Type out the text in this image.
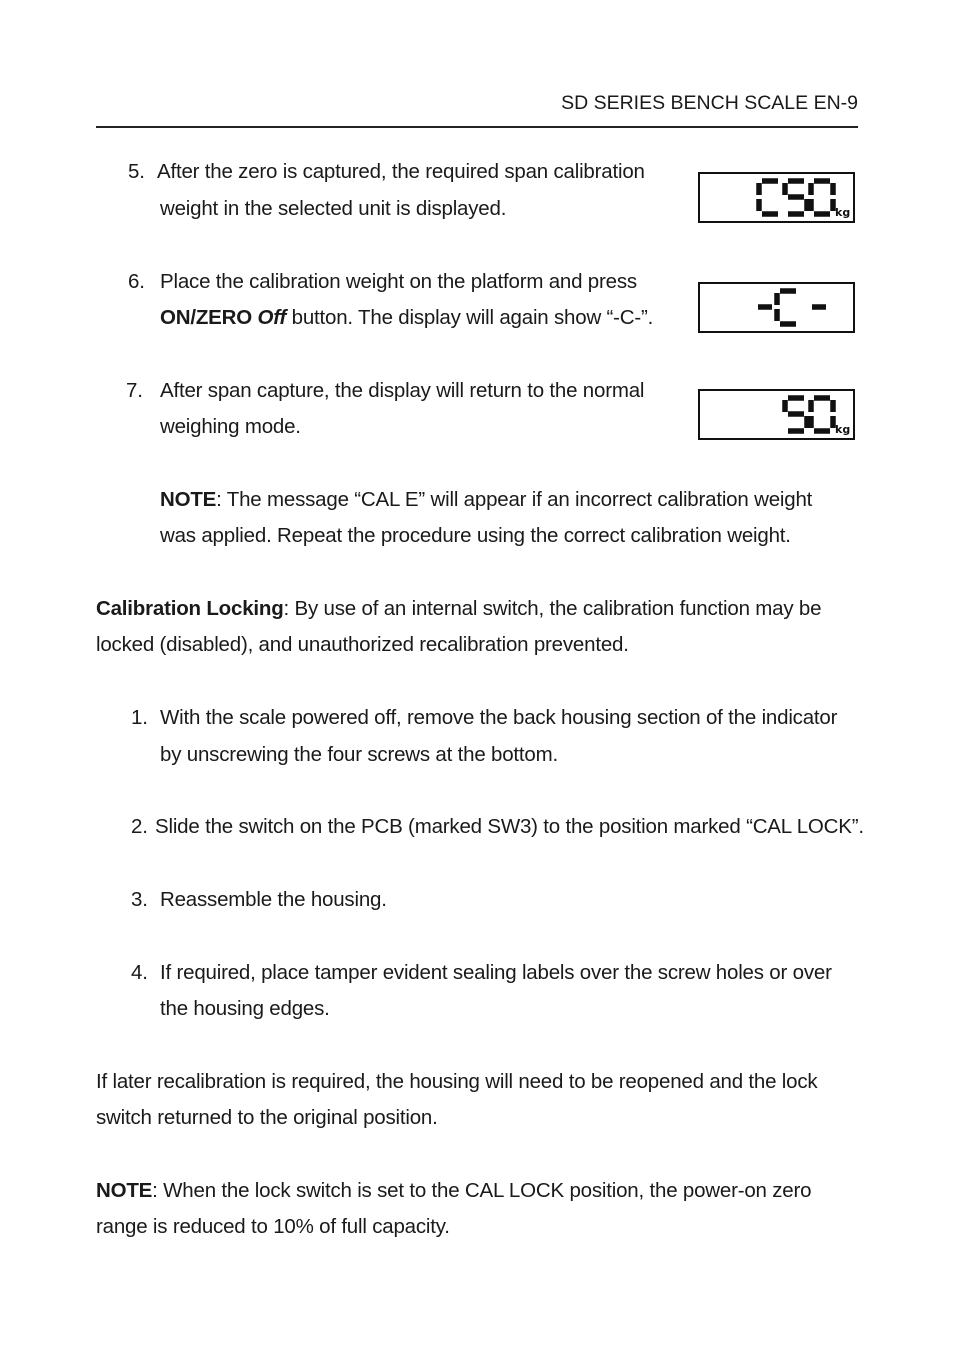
SD SERIES BENCH SCALE EN-9
5. After the zero is captured, the required span calibration
weight in the selected unit is displayed.	kg
6. Place the calibration weight on the platform and press
ON/ZERO Off button. The display will again show “-C-”.
7. After span capture, the display will return to the normal
weighing mode.	kg
NOTE: The message “CAL E” will appear if an incorrect calibration weight
was applied. Repeat the procedure using the correct calibration weight.
Calibration Locking: By use of an internal switch, the calibration function may be
locked (disabled), and unauthorized recalibration prevented.
1. With the scale powered off, remove the back housing section of the indicator
by unscrewing the four screws at the bottom.
2. Slide the switch on the PCB (marked SW3) to the position marked “CAL LOCK”.
3. Reassemble the housing.
4. If required, place tamper evident sealing labels over the screw holes or over
the housing edges.
If later recalibration is required, the housing will need to be reopened and the lock
switch returned to the original position.
NOTE: When the lock switch is set to the CAL LOCK position, the power-on zero
range is reduced to 10% of full capacity.
